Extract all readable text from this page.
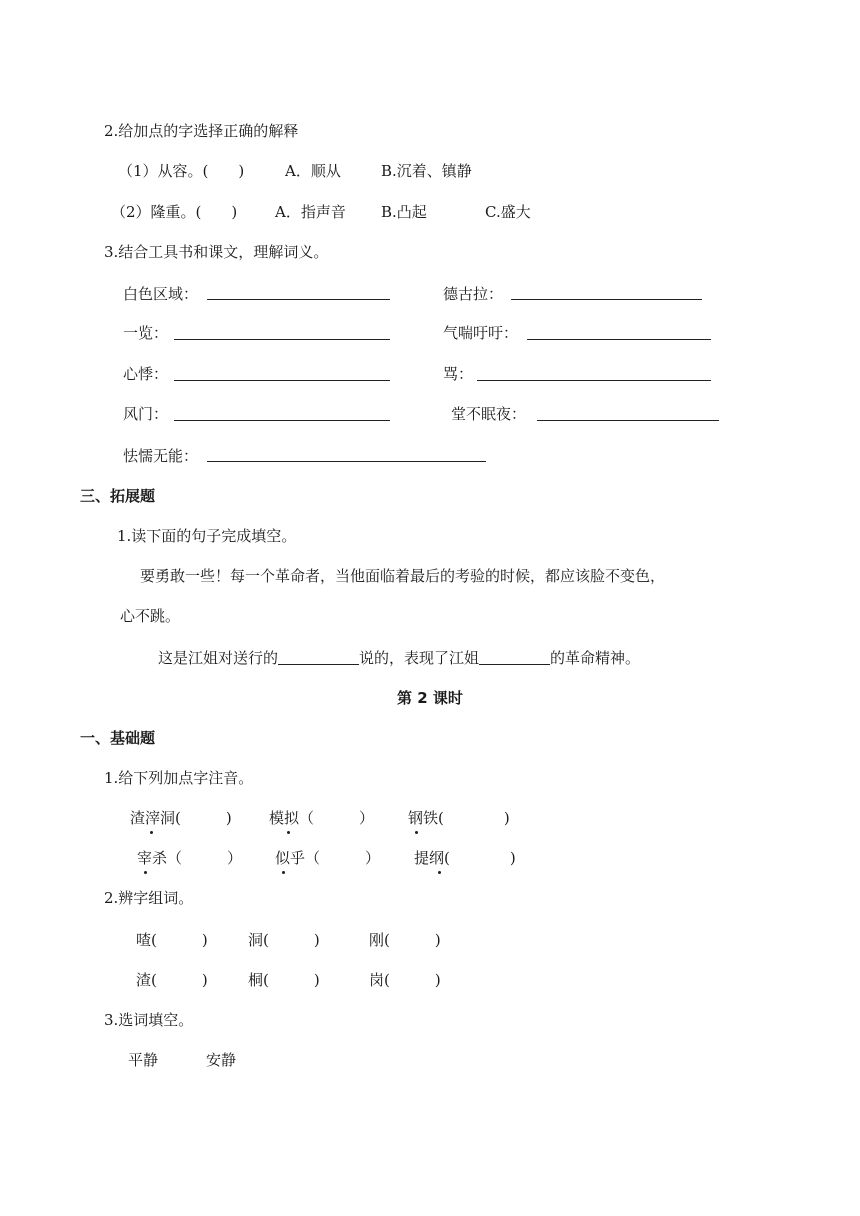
2.给加点的字选择正确的解释
（1）从容。(　　)	A．顺从	B.沉着、镇静
（2）隆重。(　　)	A．指声音 B.凸起	C.盛大
3.结合工具书和课文，理解词义。
白色区域：	德古拉：
一览：	气喘吁吁：
心悸：	骂：
风门：	堂不眠夜：
怯懦无能：
三、拓展题
1.读下面的句子完成填空。
要勇敢一些！每一个革命者，当他面临着最后的考验的时候，都应该脸不变色，
心不跳。
这是江姐对送行的	说的，表现了江姐	的革命精神。
第 2 课时
一、基础题
1.给下列加点字注音。
渣滓洞(　　　) 模拟（　　　） 钢铁(　　　　)
宰杀（　　　） 似乎（　　　） 提纲(　　　　)
2.辨字组词。
喳(　　　)	洞(　　　)	刚(　　　)
渣(　　　)	桐(　　　)	岗(　　　)
3.选词填空。
平静	安静
